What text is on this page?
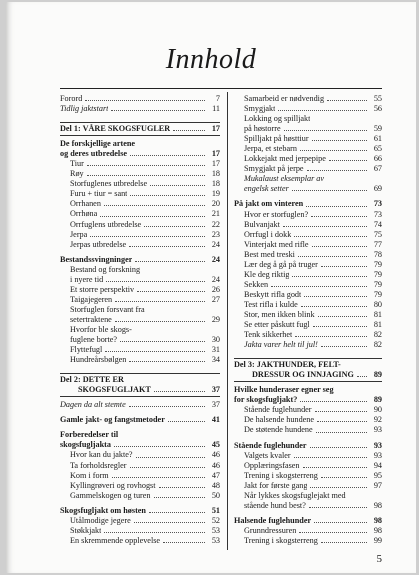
Innhold
Forord	7
Tidlig jaktstart	11
Del 1: VÅRE SKOGSFUGLER	17
De forskjellige artene
og deres utbredelse	17
Tiur	17
Røy	18
Storfuglenes utbredelse	18
Furu + tiur = sant	19
Orrhanen	20
Orrhøna	21
Orrfuglens utbredelse	22
Jerpa	23
Jerpas utbredelse	24
Bestandssvingninger	24
Bestand og forskning
i nyere tid	24
Et storre perspektiv	26
Taigajegeren	27
Storfuglen forsvant fra
setertraktene	29
Hvorfor ble skogs-
fuglene borte?	30
Flyttefugl	31
Hundreårsbølgen	34
Del 2: DETTE ER
SKOGSFUGLJAKT	37
Dagen da alt stemte	37
Gamle jakt- og fangstmetoder	41
Forberedelser til
skogsfugljakta	45
Hvor kan du jakte?	46
Ta forholdsregler	46
Kom i form	47
Kyllingrøveri og rovhogst	48
Gammelskogen og turen	50
Skogsfugljakt om høsten	51
Utålmodige jegere	52
Støkkjakt	53
En skremmende opplevelse	53
Samarbeid er nødvendig	55
Smygjakt	56
Lokking og spilljakt
på høstorre	59
Spilljakt på høsttiur	61
Jerpa, et stebarn	65
Lokkejakt med jerpepipe	66
Smygjakt på jerpe	67
Mukalaust eksemplar av
engelsk setter	69
På jakt om vinteren	73
Hvor er storfuglen?	73
Bulvanjakt	74
Orrfugl i dokk	75
Vinterjakt med rifle	77
Best med treski	78
Lær deg å gå på truger	79
Kle deg riktig	79
Sekken	79
Beskytt rifla godt	79
Test rifla i kulde	80
Stor, men ikken blink	81
Se etter påskutt fugl	81
Tenk sikkerhet	82
Jakta varer helt til jul!	82
Del 3: JAKTHUNDER, FELT-
DRESSUR OG INNJAGING	89
Hvilke hunderaser egner seg
for skogsfugljakt?	89
Stående fuglehunder	90
De halsende hundene	92
De støtende hundene	93
Stående fuglehunder	93
Valgets kvaler	93
Opplæringsfasen	94
Trening i skogsterreng	95
Jakt for første gang	97
Når lykkes skogsfuglejakt med
stående hund best?	98
Halsende fuglehunder	98
Grunndressuren	98
Trening i skogsterreng	99
5
